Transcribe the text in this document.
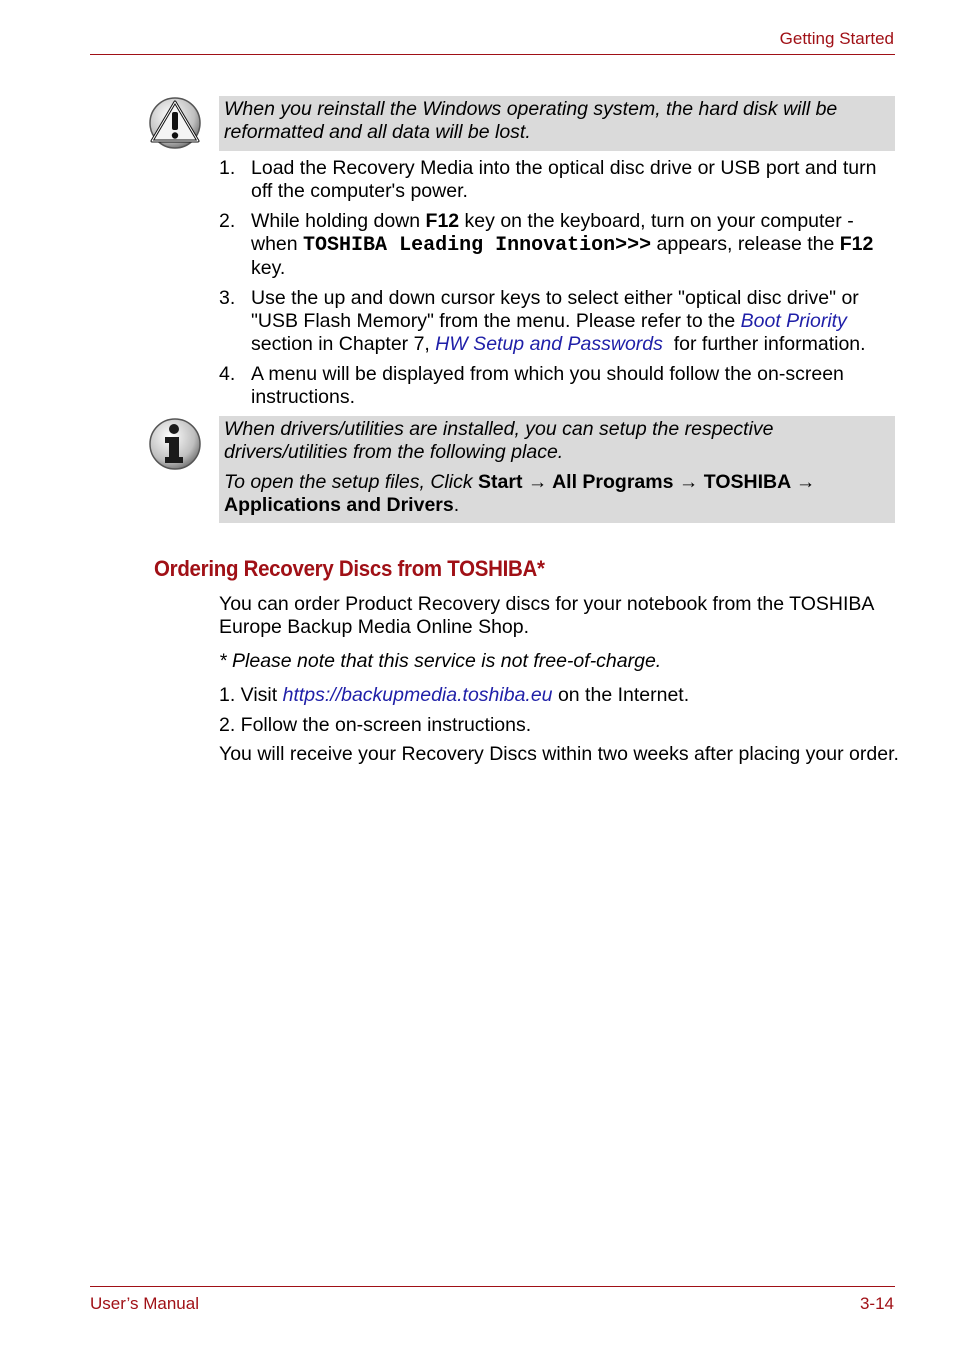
Getting Started

When you reinstall the Windows operating system, the hard disk will be reformatted and all data will be lost.

1. Load the Recovery Media into the optical disc drive or USB port and turn off the computer's power.
2. While holding down F12 key on the keyboard, turn on your computer - when TOSHIBA Leading Innovation>>> appears, release the F12 key.
3. Use the up and down cursor keys to select either "optical disc drive" or "USB Flash Memory" from the menu. Please refer to the Boot Priority section in Chapter 7, HW Setup and Passwords  for further information.
4. A menu will be displayed from which you should follow the on-screen instructions.

When drivers/utilities are installed, you can setup the respective drivers/utilities from the following place.

To open the setup files, Click Start → All Programs → TOSHIBA → Applications and Drivers.

Ordering Recovery Discs from TOSHIBA*
You can order Product Recovery discs for your notebook from the TOSHIBA Europe Backup Media Online Shop.
* Please note that this service is not free-of-charge.
1. Visit https://backupmedia.toshiba.eu on the Internet.
2. Follow the on-screen instructions.
You will receive your Recovery Discs within two weeks after placing your order.
User’s Manual	3-14
